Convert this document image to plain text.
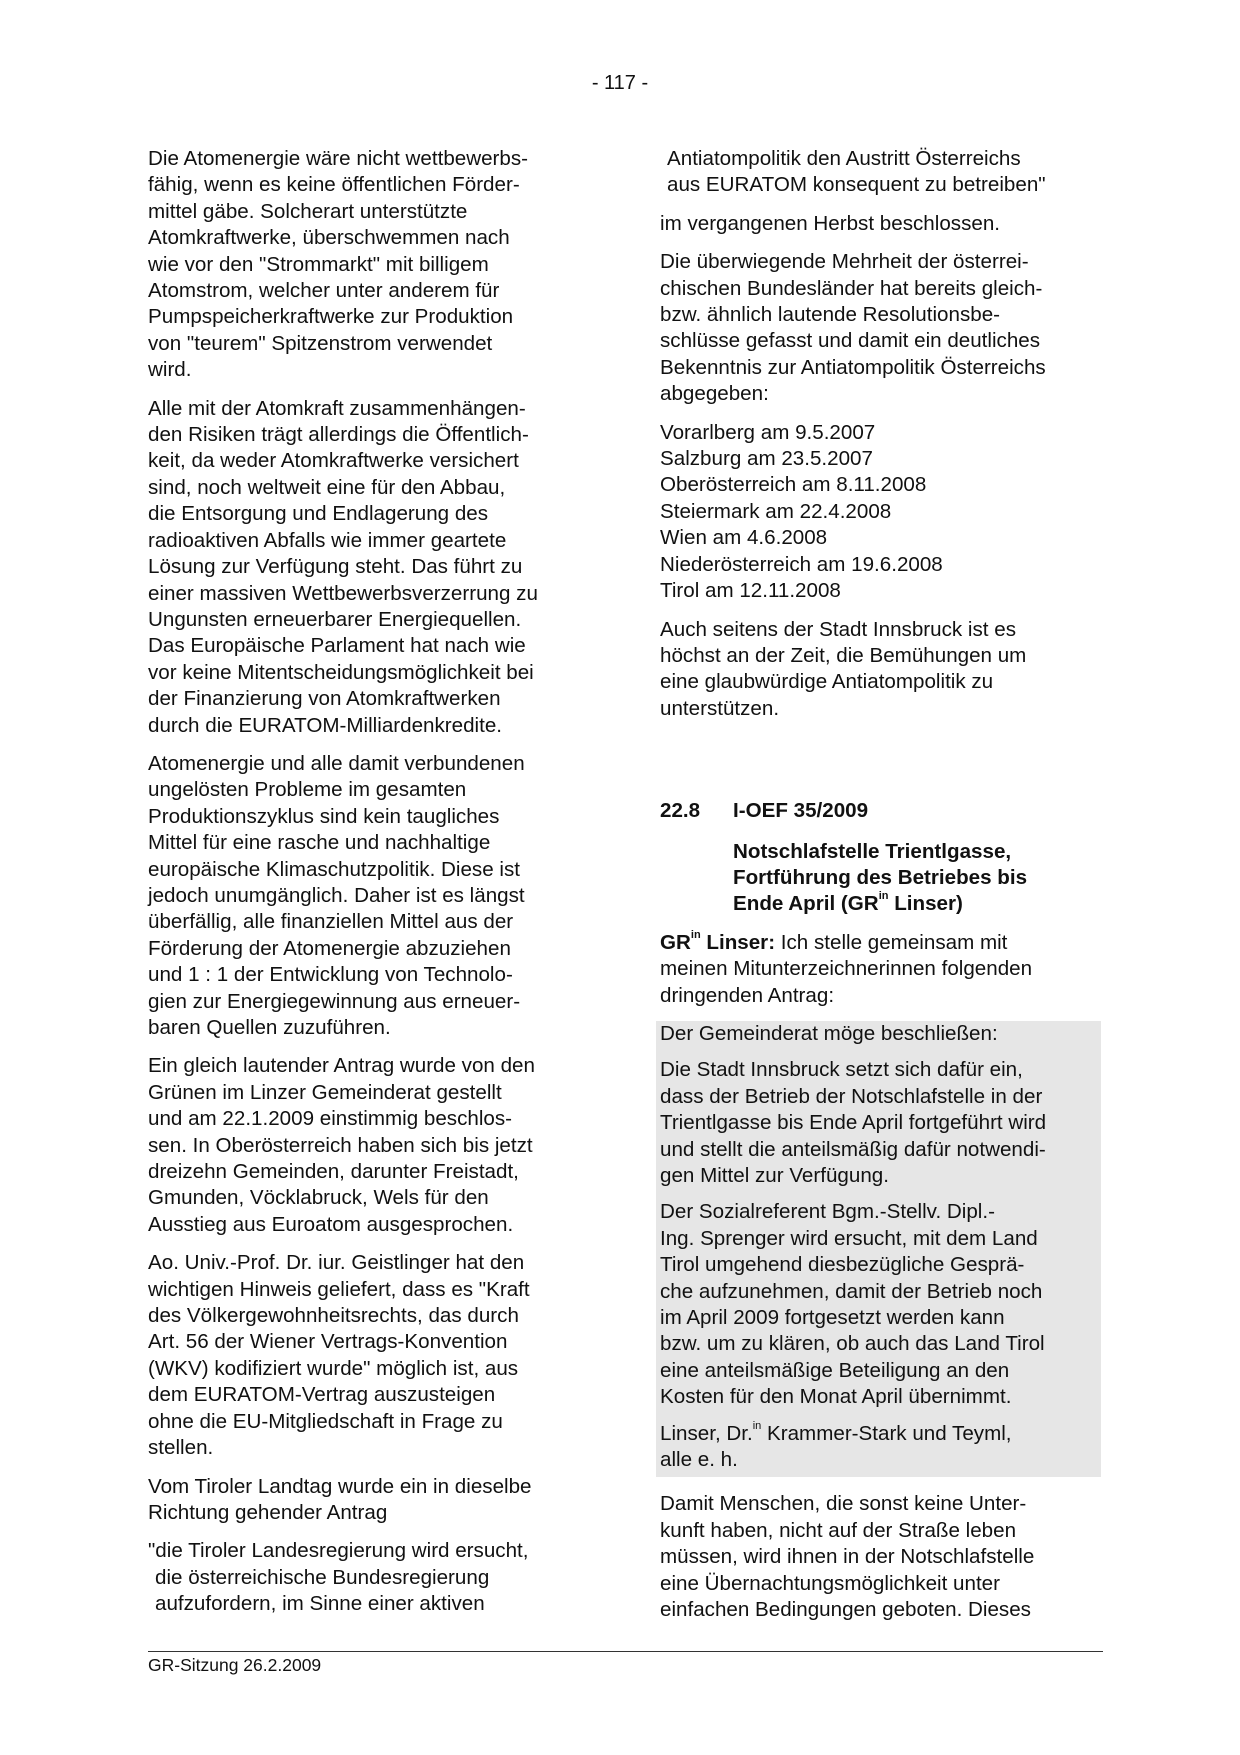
- 117 -

Die Atomenergie wäre nicht wettbewerbs-
fähig, wenn es keine öffentlichen Förder-
mittel gäbe. Solcherart unterstützte
Atomkraftwerke, überschwemmen nach
wie vor den "Strommarkt" mit billigem
Atomstrom, welcher unter anderem für
Pumpspeicherkraftwerke zur Produktion
von "teurem" Spitzenstrom verwendet
wird.

Alle mit der Atomkraft zusammenhängen-
den Risiken trägt allerdings die Öffentlich-
keit, da weder Atomkraftwerke versichert
sind, noch weltweit eine für den Abbau,
die Entsorgung und Endlagerung des
radioaktiven Abfalls wie immer geartete
Lösung zur Verfügung steht. Das führt zu
einer massiven Wettbewerbsverzerrung zu
Ungunsten erneuerbarer Energiequellen.
Das Europäische Parlament hat nach wie
vor keine Mitentscheidungsmöglichkeit bei
der Finanzierung von Atomkraftwerken
durch die EURATOM-Milliardenkredite.

Atomenergie und alle damit verbundenen
ungelösten Probleme im gesamten
Produktionszyklus sind kein taugliches
Mittel für eine rasche und nachhaltige
europäische Klimaschutzpolitik. Diese ist
jedoch unumgänglich. Daher ist es längst
überfällig, alle finanziellen Mittel aus der
Förderung der Atomenergie abzuziehen
und 1 : 1 der Entwicklung von Technolo-
gien zur Energiegewinnung aus erneuer-
baren Quellen zuzuführen.

Ein gleich lautender Antrag wurde von den
Grünen im Linzer Gemeinderat gestellt
und am 22.1.2009 einstimmig beschlos-
sen. In Oberösterreich haben sich bis jetzt
dreizehn Gemeinden, darunter Freistadt,
Gmunden, Vöcklabruck, Wels für den
Ausstieg aus Euroatom ausgesprochen.

Ao. Univ.-Prof. Dr. iur. Geistlinger hat den
wichtigen Hinweis geliefert, dass es "Kraft
des Völkergewohnheitsrechts, das durch
Art. 56 der Wiener Vertrags-Konvention
(WKV) kodifiziert wurde" möglich ist, aus
dem EURATOM-Vertrag auszusteigen
ohne die EU-Mitgliedschaft in Frage zu
stellen.

Vom Tiroler Landtag wurde ein in dieselbe
Richtung gehender Antrag

"die Tiroler Landesregierung wird ersucht,
die österreichische Bundesregierung
aufzufordern, im Sinne einer aktiven

Antiatompolitik den Austritt Österreichs
aus EURATOM konsequent zu betreiben"

im vergangenen Herbst beschlossen.

Die überwiegende Mehrheit der österrei-
chischen Bundesländer hat bereits gleich-
bzw. ähnlich lautende Resolutionsbe-
schlüsse gefasst und damit ein deutliches
Bekenntnis zur Antiatompolitik Österreichs
abgegeben:

Vorarlberg am 9.5.2007
Salzburg am 23.5.2007
Oberösterreich am 8.11.2008
Steiermark am 22.4.2008
Wien am 4.6.2008
Niederösterreich am 19.6.2008
Tirol am 12.11.2008

Auch seitens der Stadt Innsbruck ist es
höchst an der Zeit, die Bemühungen um
eine glaubwürdige Antiatompolitik zu
unterstützen.

22.8	I-OEF 35/2009
Notschlafstelle Trientlgasse,
Fortführung des Betriebes bis
Ende April ($GR^{in}$ Linser)

$GR^{in}$ Linser: Ich stelle gemeinsam mit
meinen Mitunterzeichnerinnen folgenden
dringenden Antrag:

Der Gemeinderat möge beschließen:

Die Stadt Innsbruck setzt sich dafür ein,
dass der Betrieb der Notschlafstelle in der
Trientlgasse bis Ende April fortgeführt wird
und stellt die anteilsmäßig dafür notwendi-
gen Mittel zur Verfügung.

Der Sozialreferent Bgm.-Stellv. Dipl.-
Ing. Sprenger wird ersucht, mit dem Land
Tirol umgehend diesbezügliche Gesprä-
che aufzunehmen, damit der Betrieb noch
im April 2009 fortgesetzt werden kann
bzw. um zu klären, ob auch das Land Tirol
eine anteilsmäßige Beteiligung an den
Kosten für den Monat April übernimmt.

Linser, Dr.$^{in}$ Krammer-Stark und Teyml,
alle e. h.

Damit Menschen, die sonst keine Unter-
kunft haben, nicht auf der Straße leben
müssen, wird ihnen in der Notschlafstelle
eine Übernachtungsmöglichkeit unter
einfachen Bedingungen geboten. Dieses

GR-Sitzung 26.2.2009
